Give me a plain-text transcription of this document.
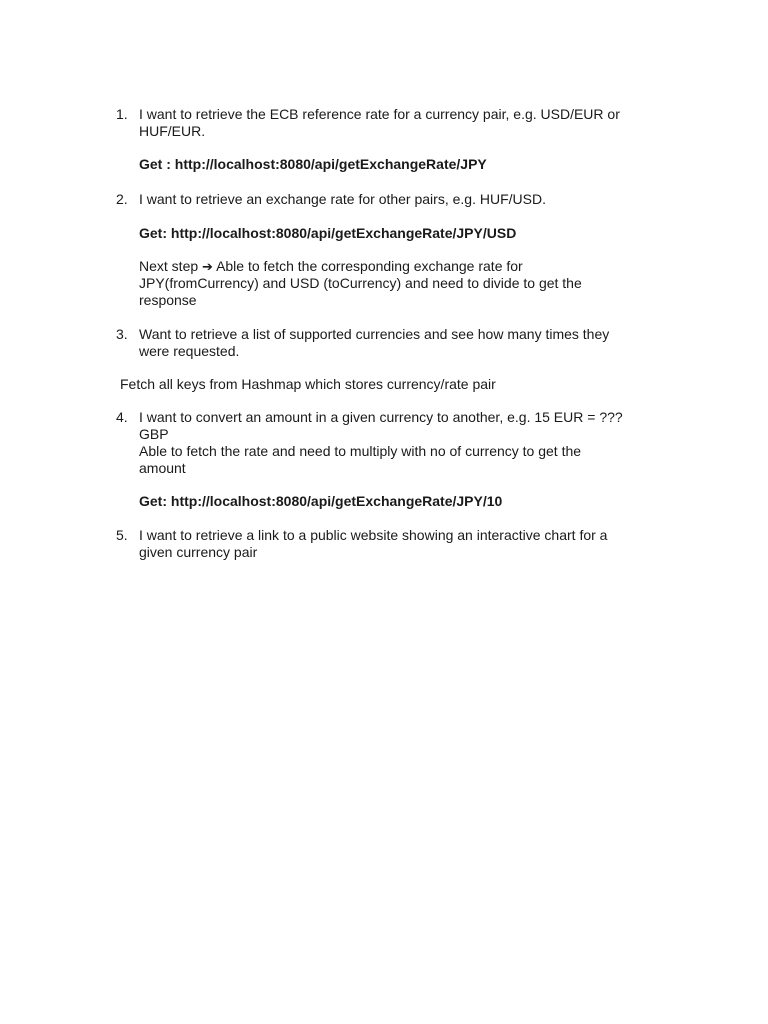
1. I want to retrieve the ECB reference rate for a currency pair, e.g. USD/EUR or
HUF/EUR.
Get : http://localhost:8080/api/getExchangeRate/JPY
2. I want to retrieve an exchange rate for other pairs, e.g. HUF/USD.
Get: http://localhost:8080/api/getExchangeRate/JPY/USD
Next step ➔ Able to fetch the corresponding exchange rate for
JPY(fromCurrency) and USD (toCurrency) and need to divide to get the
response
3. Want to retrieve a list of supported currencies and see how many times they
were requested.
Fetch all keys from Hashmap which stores currency/rate pair
4. I want to convert an amount in a given currency to another, e.g. 15 EUR = ???
GBP
Able to fetch the rate and need to multiply with no of currency to get the
amount
Get: http://localhost:8080/api/getExchangeRate/JPY/10
5. I want to retrieve a link to a public website showing an interactive chart for a
given currency pair
